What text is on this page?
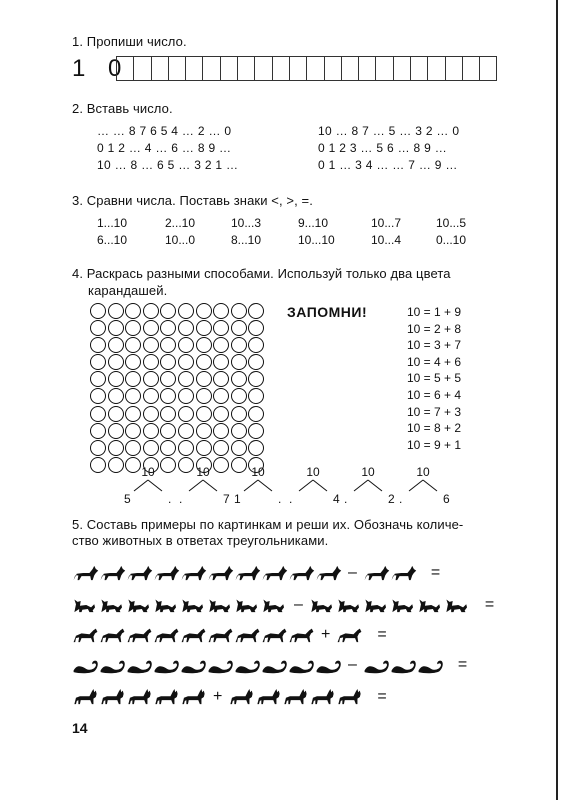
1. Пропиши число.
1 0
2. Вставь число.
… … 8 7 6 5 4 … 2 … 0
0 1 2 … 4 … 6 … 8 9 …
10 … 8 … 6 5 … 3 2 1 …
10 … 8 7 … 5 … 3 2 … 0
0 1 2 3 … 5 6 … 8 9 …
0 1 … 3 4 … … 7 … 9 …
3. Сравни числа. Поставь знаки <, >, =.
1...10	2...10	10...3	9...10	10...7	10...5
6...10	10...0	8...10	10...10	10...4	0...10
4. Раскрась разными способами. Используй только два цвета
карандашей.
ЗАПОМНИ!	10 = 1 + 9
10 = 2 + 8
10 = 3 + 7
10 = 4 + 6
10 = 5 + 5
10 = 6 + 4
10 = 7 + 3
10 = 8 + 2
10 = 9 + 1
10
5	.
10
.	7
10
1	.
10
.	4
10
.	2
10
.	6
5. Составь примеры по картинкам и реши их. Обозначь количе-
ство животных в ответах треугольниками.
–	=
–	=
+	=
–	=
+	=
14
